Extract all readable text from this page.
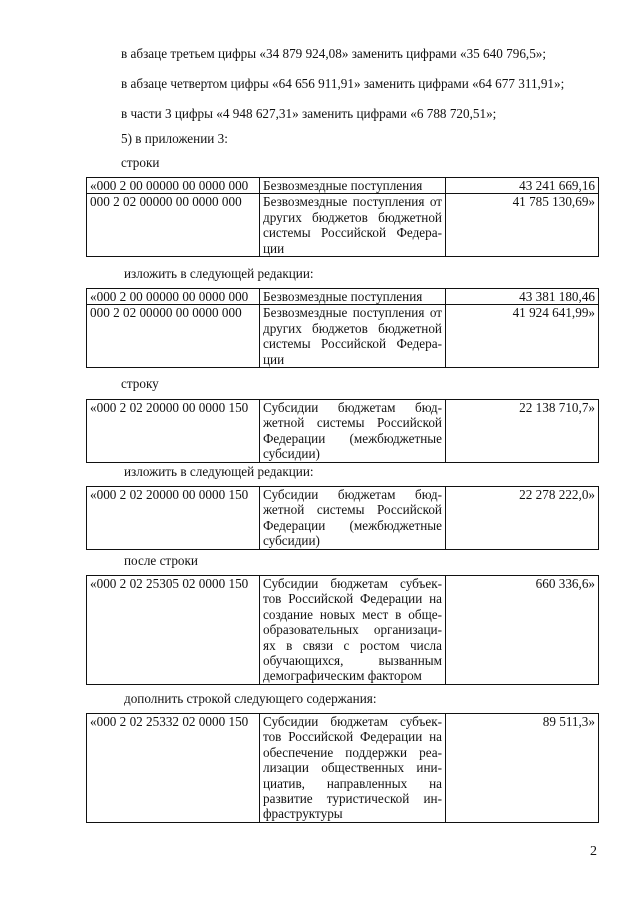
в абзаце третьем цифры «34 879 924,08» заменить цифрами «35 640 796,5»;
в абзаце четвертом цифры «64 656 911,91» заменить цифрами «64 677 311,91»;
в части 3 цифры «4 948 627,31» заменить цифрами «6 788 720,51»;
5) в приложении 3:
строки
«000 2 00 00000 00 0000 000	Безвозмездные поступления	43 241 669,16
000 2 02 00000 00 0000 000	Безвозмездные поступления от
других бюджетов бюджетной
системы Российской Федера-
ции	41 785 130,69»
изложить в следующей редакции:
«000 2 00 00000 00 0000 000	Безвозмездные поступления	43 381 180,46
000 2 02 00000 00 0000 000	Безвозмездные поступления от
других бюджетов бюджетной
системы Российской Федера-
ции	41 924 641,99»
строку
«000 2 02 20000 00 0000 150	Субсидии бюджетам бюд-
жетной системы Российской
Федерации (межбюджетные
субсидии)
	22 138 710,7»
изложить в следующей редакции:
«000 2 02 20000 00 0000 150	Субсидии бюджетам бюд-
жетной системы Российской
Федерации (межбюджетные
субсидии)
	22 278 222,0»
после строки
«000 2 02 25305 02 0000 150	Субсидии бюджетам субъек-
тов Российской Федерации на
создание новых мест в обще-
образовательных организаци-
ях в связи с ростом числа
обучающихся, вызванным
демографическим фактором
	660 336,6»
дополнить строкой следующего содержания:
«000 2 02 25332 02 0000 150	Субсидии бюджетам субъек-
тов Российской Федерации на
обеспечение поддержки реа-
лизации общественных ини-
циатив, направленных на
развитие туристической ин-
фраструктуры
	89 511,3»
2
